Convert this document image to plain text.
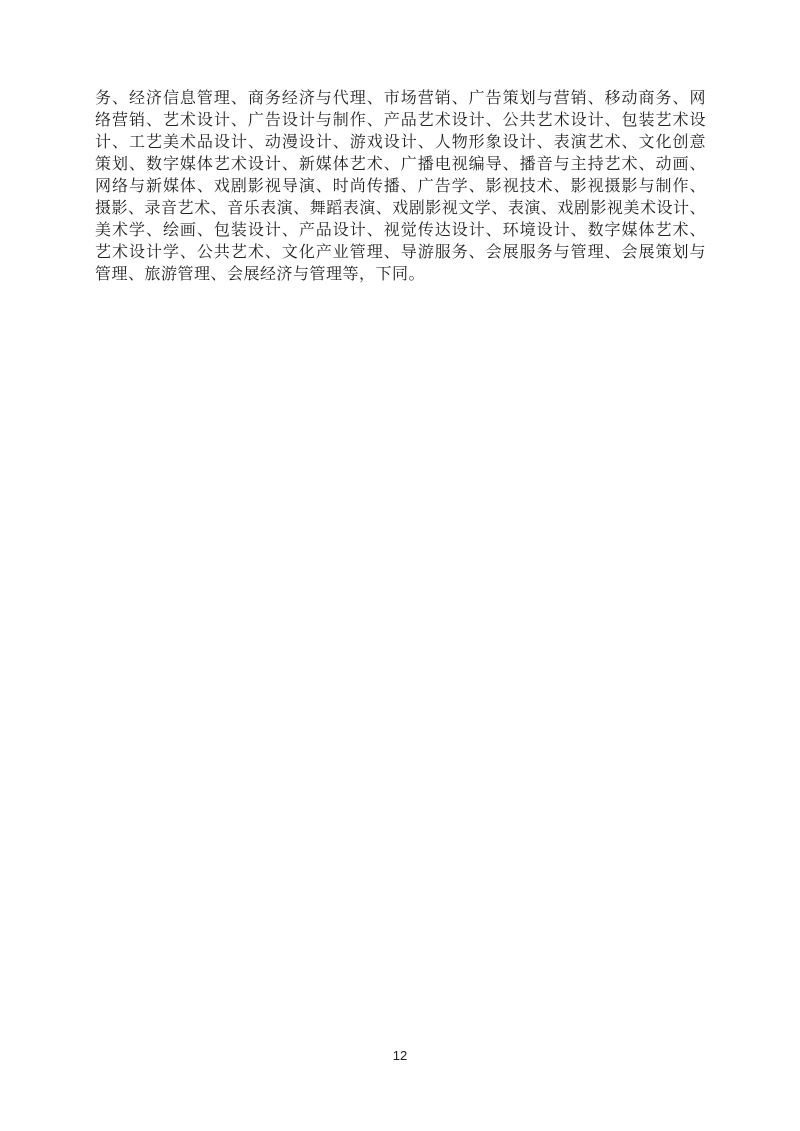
务、经济信息管理、商务经济与代理、市场营销、广告策划与营销、移动商务、网
络营销、艺术设计、广告设计与制作、产品艺术设计、公共艺术设计、包装艺术设
计、工艺美术品设计、动漫设计、游戏设计、人物形象设计、表演艺术、文化创意
策划、数字媒体艺术设计、新媒体艺术、广播电视编导、播音与主持艺术、动画、
网络与新媒体、戏剧影视导演、时尚传播、广告学、影视技术、影视摄影与制作、
摄影、录音艺术、音乐表演、舞蹈表演、戏剧影视文学、表演、戏剧影视美术设计、
美术学、绘画、包装设计、产品设计、视觉传达设计、环境设计、数字媒体艺术、
艺术设计学、公共艺术、文化产业管理、导游服务、会展服务与管理、会展策划与
管理、旅游管理、会展经济与管理等，下同。
12
